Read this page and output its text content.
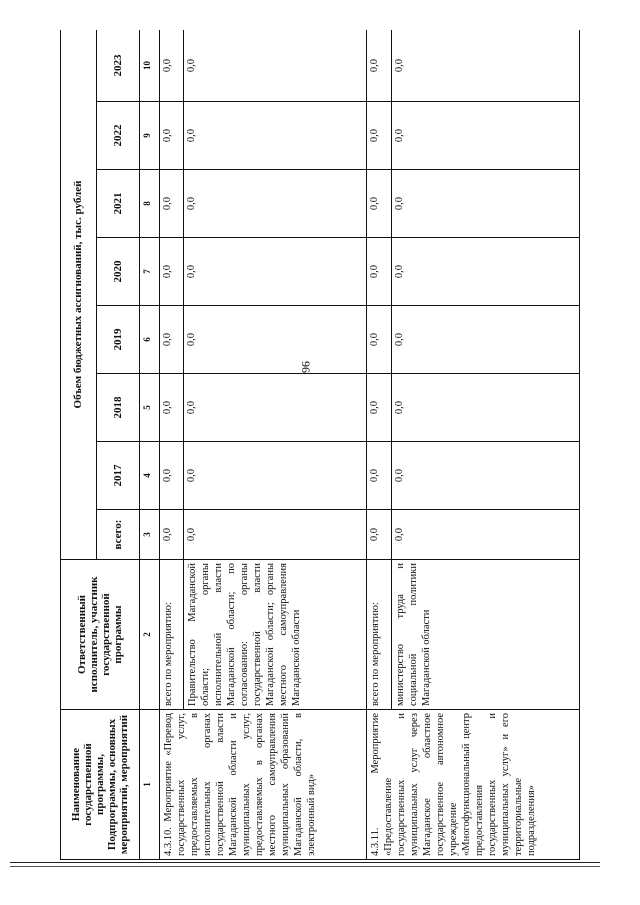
96
Наименование государственной программы, Подпрограммы, основных мероприятий, мероприятий	Ответственный исполнитель, участник государственной программы	Объем бюджетных ассигнований, тыс. рублей							
		всего:	2017	2018	2019	2020	2021	2022	2023
1	2	3	4	5	6	7	8	9	10
4.3.10. Мероприятие «Перевод государственных услуг, предоставляемых в исполнительных органах государственной власти Магаданской области и муниципальных услуг, предоставляемых в органах местного самоуправления муниципальных образований Магаданской области, в электронный вид»	всего по мероприятию:	0,0	0,0	0,0	0,0	0,0	0,0	0,0	0,0
	Правительство Магаданской области; органы исполнительной власти Магаданской области; по согласованию: органы государственной власти Магаданской области; органы местного самоуправления Магаданской области	0,0	0,0	0,0	0,0	0,0	0,0	0,0	0,0
4.3.11. Мероприятие «Предоставление государственных и муниципальных услуг через Магаданское областное государственное автономное учреждение «Многофункциональный центр предоставления государственных и муниципальных услуг» и его территориальные подразделения»	всего по мероприятию:	0,0	0,0	0,0	0,0	0,0	0,0	0,0	0,0
	министерство труда и социальной политики Магаданской области	0,0	0,0	0,0	0,0	0,0	0,0	0,0	0,0
